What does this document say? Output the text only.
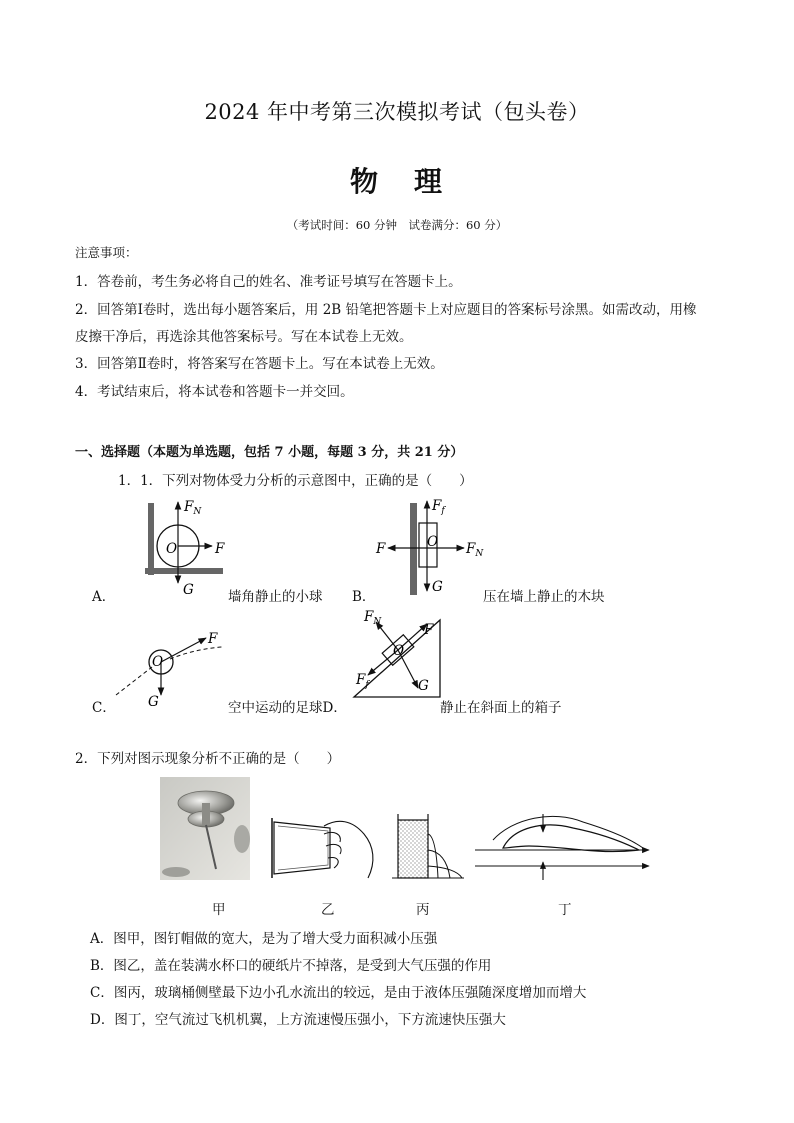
2024 年中考第三次模拟考试（包头卷）
物 理
（考试时间：60 分钟　试卷满分：60 分）
注意事项：
1．答卷前，考生务必将自己的姓名、准考证号填写在答题卡上。
2．回答第Ⅰ卷时，选出每小题答案后，用 2B 铅笔把答题卡上对应题目的答案标号涂黑。如需改动，用橡
皮擦干净后，再选涂其他答案标号。写在本试卷上无效。
3．回答第Ⅱ卷时，将答案写在答题卡上。写在本试卷上无效。
4．考试结束后，将本试卷和答题卡一并交回。
一、选择题（本题为单选题，包括 7 小题，每题 3 分，共 21 分）
1．1．下列对物体受力分析的示意图中，正确的是（　　）
$F_N$
O	F
G
A．	墙角静止的小球
$F_f$
O
F	$F_N$
G
B．	压在墙上静止的木块
O
F
G
C．	空中运动的足球D．
$F_N$
O
F
$F_f$	G
静止在斜面上的箱子
2．下列对图示现象分析不正确的是（　　）
甲	乙	丙	丁
A．图甲，图钉帽做的宽大，是为了增大受力面积减小压强
B．图乙，盖在装满水杯口的硬纸片不掉落，是受到大气压强的作用
C．图丙，玻璃桶侧壁最下边小孔水流出的较远，是由于液体压强随深度增加而增大
D．图丁，空气流过飞机机翼，上方流速慢压强小，下方流速快压强大
